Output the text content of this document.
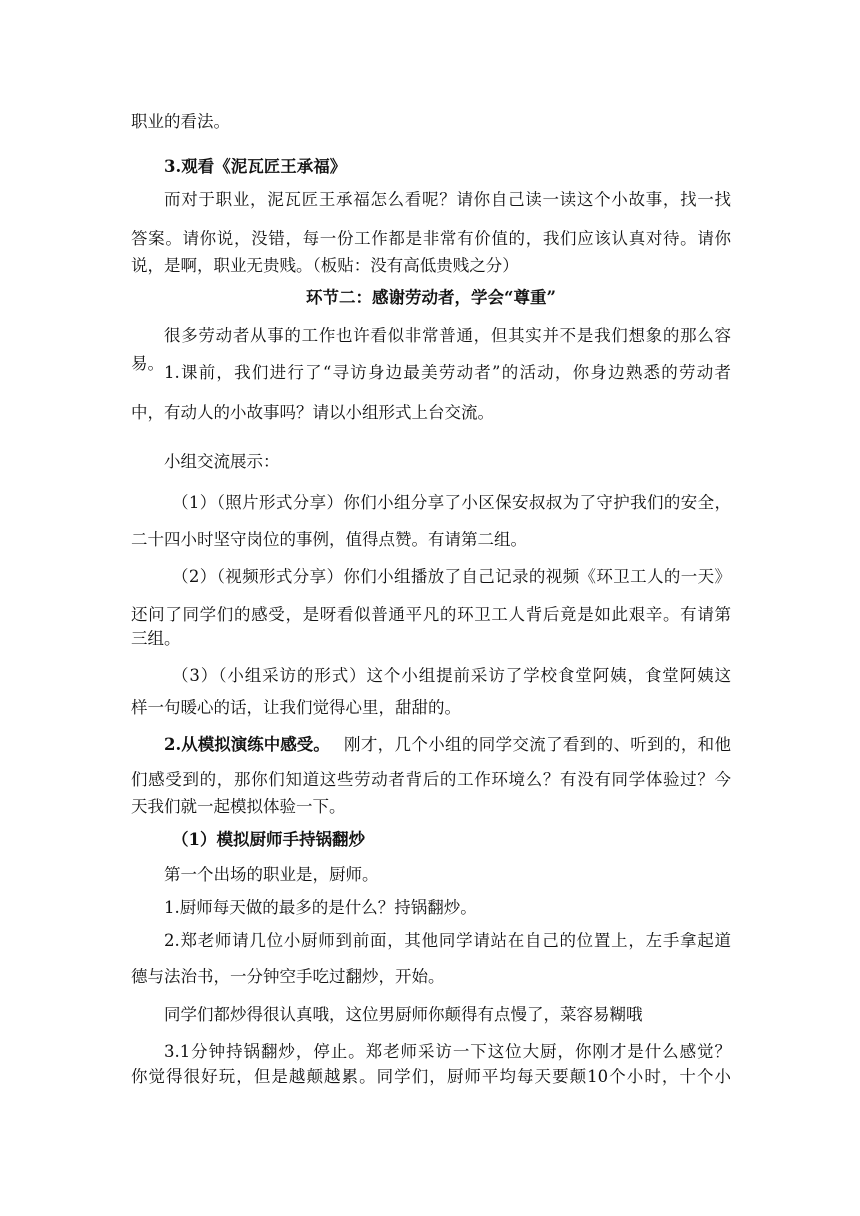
职业的看法。
3.观看《泥瓦匠王承福》
而对于职业，泥瓦匠王承福怎么看呢？请你自己读一读这个小故事，找一找
答案。请你说，没错，每一份工作都是非常有价值的，我们应该认真对待。请你
说，是啊，职业无贵贱。（板贴：没有高低贵贱之分）
环节二：感谢劳动者，学会“尊重”
很多劳动者从事的工作也许看似非常普通，但其实并不是我们想象的那么容
易。 1.课前，我们进行了“寻访身边最美劳动者”的活动，你身边熟悉的劳动者
中，有动人的小故事吗？请以小组形式上台交流。
小组交流展示：
（1）（照片形式分享）你们小组分享了小区保安叔叔为了守护我们的安全，
二十四小时坚守岗位的事例，值得点赞。有请第二组。
（2）（视频形式分享）你们小组播放了自己记录的视频《环卫工人的一天》
还问了同学们的感受，是呀看似普通平凡的环卫工人背后竟是如此艰辛。有请第
三组。
（3）（小组采访的形式）这个小组提前采访了学校食堂阿姨，食堂阿姨这
样一句暖心的话，让我们觉得心里，甜甜的。
2.从模拟演练中感受。 刚才，几个小组的同学交流了看到的、听到的，和他
们感受到的，那你们知道这些劳动者背后的工作环境么？有没有同学体验过？今
天我们就一起模拟体验一下。
（1）模拟厨师手持锅翻炒
第一个出场的职业是，厨师。
1.厨师每天做的最多的是什么？持锅翻炒。
2.郑老师请几位小厨师到前面，其他同学请站在自己的位置上，左手拿起道
德与法治书，一分钟空手吃过翻炒，开始。
同学们都炒得很认真哦，这位男厨师你颠得有点慢了，菜容易糊哦
3.1分钟持锅翻炒，停止。郑老师采访一下这位大厨，你刚才是什么感觉？
你觉得很好玩，但是越颠越累。同学们，厨师平均每天要颠10个小时，十个小
